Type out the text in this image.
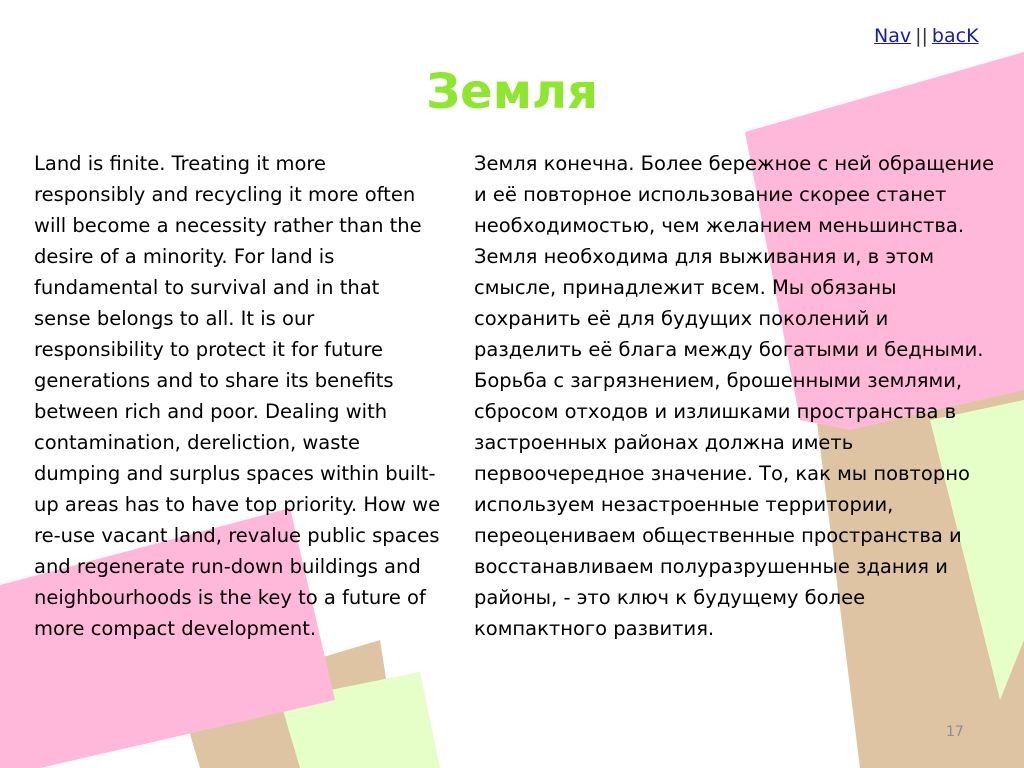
Nav || bacK
Земля

Land is finite. Treating it more responsibly and recycling it more often will become a necessity rather than the desire of a minority. For land is fundamental to survival and in that sense belongs to all. It is our responsibility to protect it for future generations and to share its benefits between rich and poor. Dealing with contamination, dereliction, waste dumping and surplus spaces within built-up areas has to have top priority. How we re-use vacant land, revalue public spaces and regenerate run-down buildings and neighbourhoods is the key to a future of more compact development.

Земля конечна. Более бережное с ней обращение и её повторное использование скорее станет необходимостью, чем желанием меньшинства. Земля необходима для выживания и, в этом смысле, принадлежит всем. Мы обязаны сохранить её для будущих поколений и разделить её блага между богатыми и бедными. Борьба с загрязнением, брошенными землями, сбросом отходов и излишками пространства в застроенных районах должна иметь первоочередное значение. То, как мы повторно используем незастроенные территории, переоцениваем общественные пространства и восстанавливаем полуразрушенные здания и районы, - это ключ к будущему более компактного развития.

17
